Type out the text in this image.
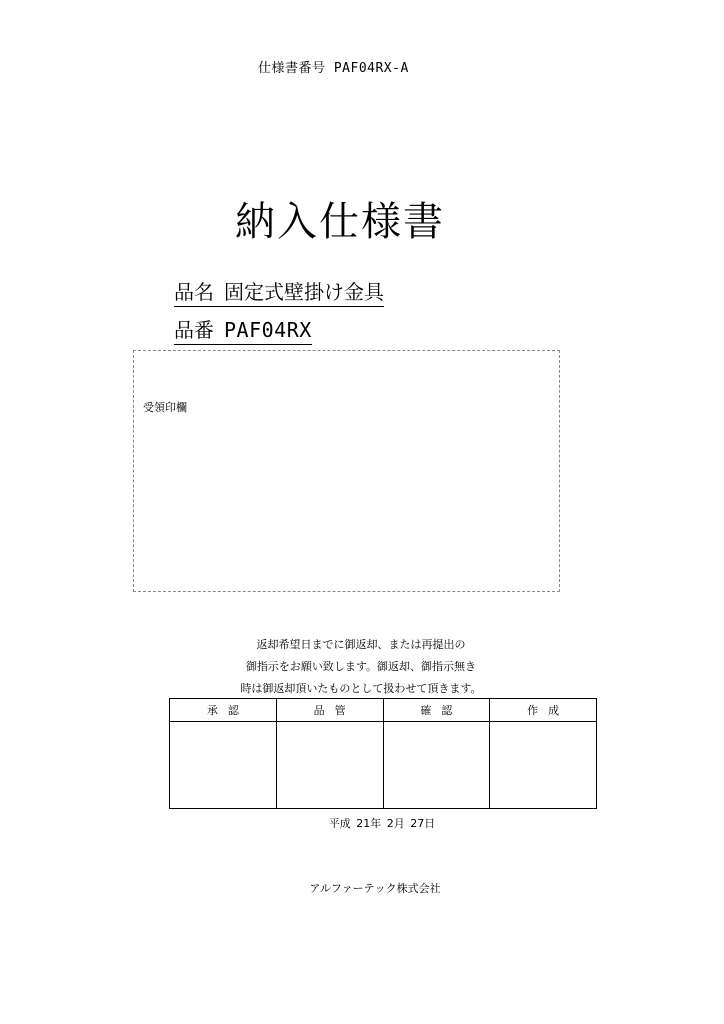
仕様書番号 PAF04RX-A
納入仕様書
品名 固定式壁掛け金具
品番 PAF04RX
受領印欄
返却希望日までに御返却、または再提出の
御指示をお願い致します。御返却、御指示無き
時は御返却頂いたものとして扱わせて頂きます。
承認	品管	確認	作成

平成 21年 2月 27日
アルファーテック株式会社
